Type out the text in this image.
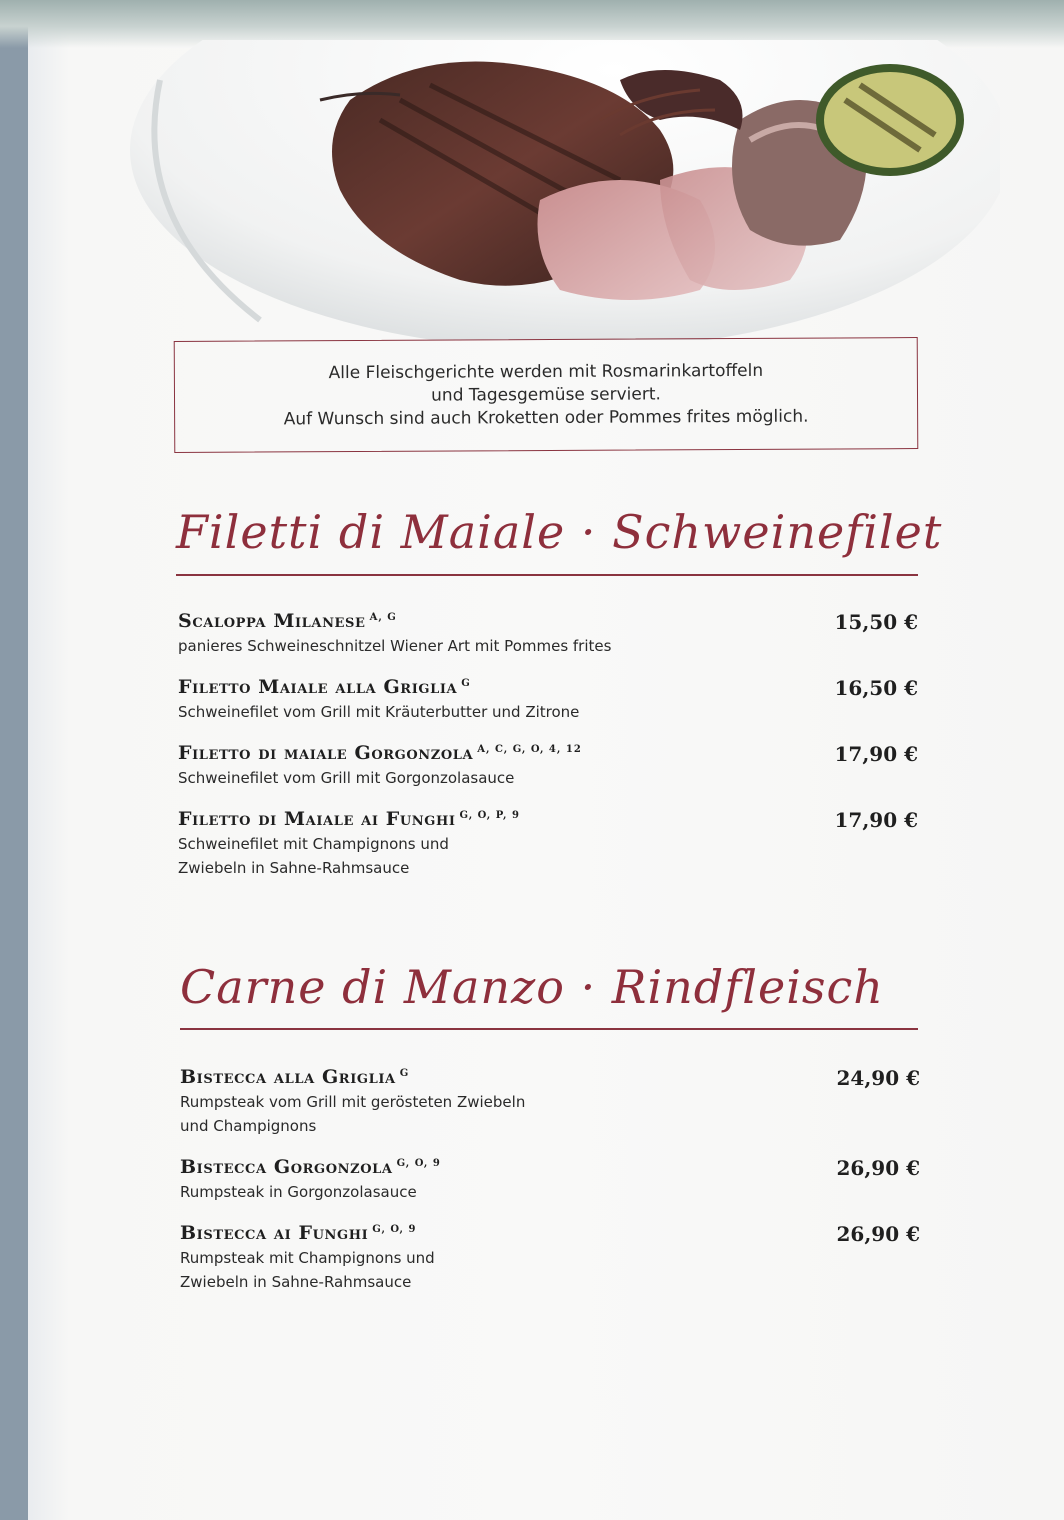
Alle Fleischgerichte werden mit Rosmarinkartoffeln
und Tagesgemüse serviert.
Auf Wunsch sind auch Kroketten oder Pommes frites möglich.
Filetti di Maiale · Schweinefilet
Scaloppa Milanese $^{A, G}$	15,50 €
panieres Schweineschnitzel Wiener Art mit Pommes frites
Filetto Maiale alla Griglia $^G$	16,50 €
Schweinefilet vom Grill mit Kräuterbutter und Zitrone
Filetto di maiale Gorgonzola $^{A, C, G, O, 4, 12}$	17,90 €
Schweinefilet vom Grill mit Gorgonzolasauce
Filetto di Maiale ai Funghi $^{G, O, P, 9}$	17,90 €
Schweinefilet mit Champignons und
Zwiebeln in Sahne-Rahmsauce
Carne di Manzo · Rindfleisch
Bistecca alla Griglia $^G$	24,90 €
Rumpsteak vom Grill mit gerösteten Zwiebeln
und Champignons
Bistecca Gorgonzola $^{G, O, 9}$	26,90 €
Rumpsteak in Gorgonzolasauce
Bistecca ai Funghi $^{G, O, 9}$	26,90 €
Rumpsteak mit Champignons und
Zwiebeln in Sahne-Rahmsauce
